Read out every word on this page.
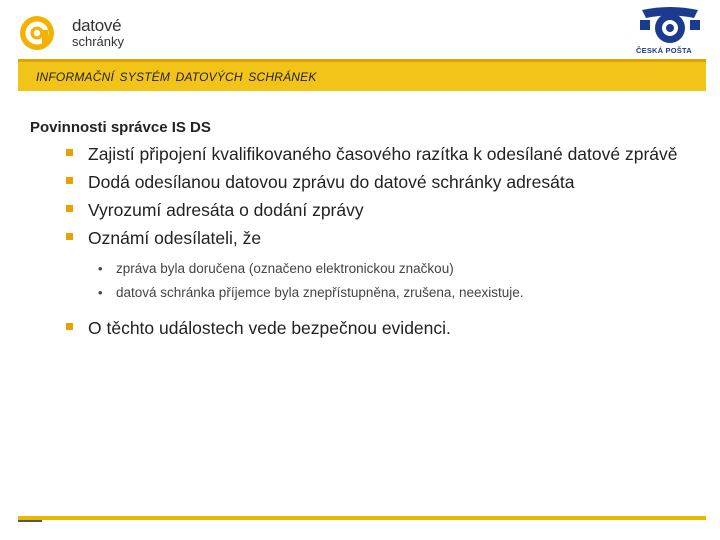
datové
schránky
ČESKÁ POŠTA
INFORMAČNÍ SYSTÉM DATOVÝCH SCHRÁNEK
Povinnosti správce IS DS
Zajistí připojení kvalifikovaného časového razítka k odesílané datové zprávě
Dodá odesílanou datovou zprávu do datové schránky adresáta
Vyrozumí adresáta o dodání zprávy
Oznámí odesílateli, že
• zpráva byla doručena (označeno elektronickou značkou)
• datová schránka příjemce byla znepřístupněna, zrušena, neexistuje.
O těchto událostech vede bezpečnou evidenci.
